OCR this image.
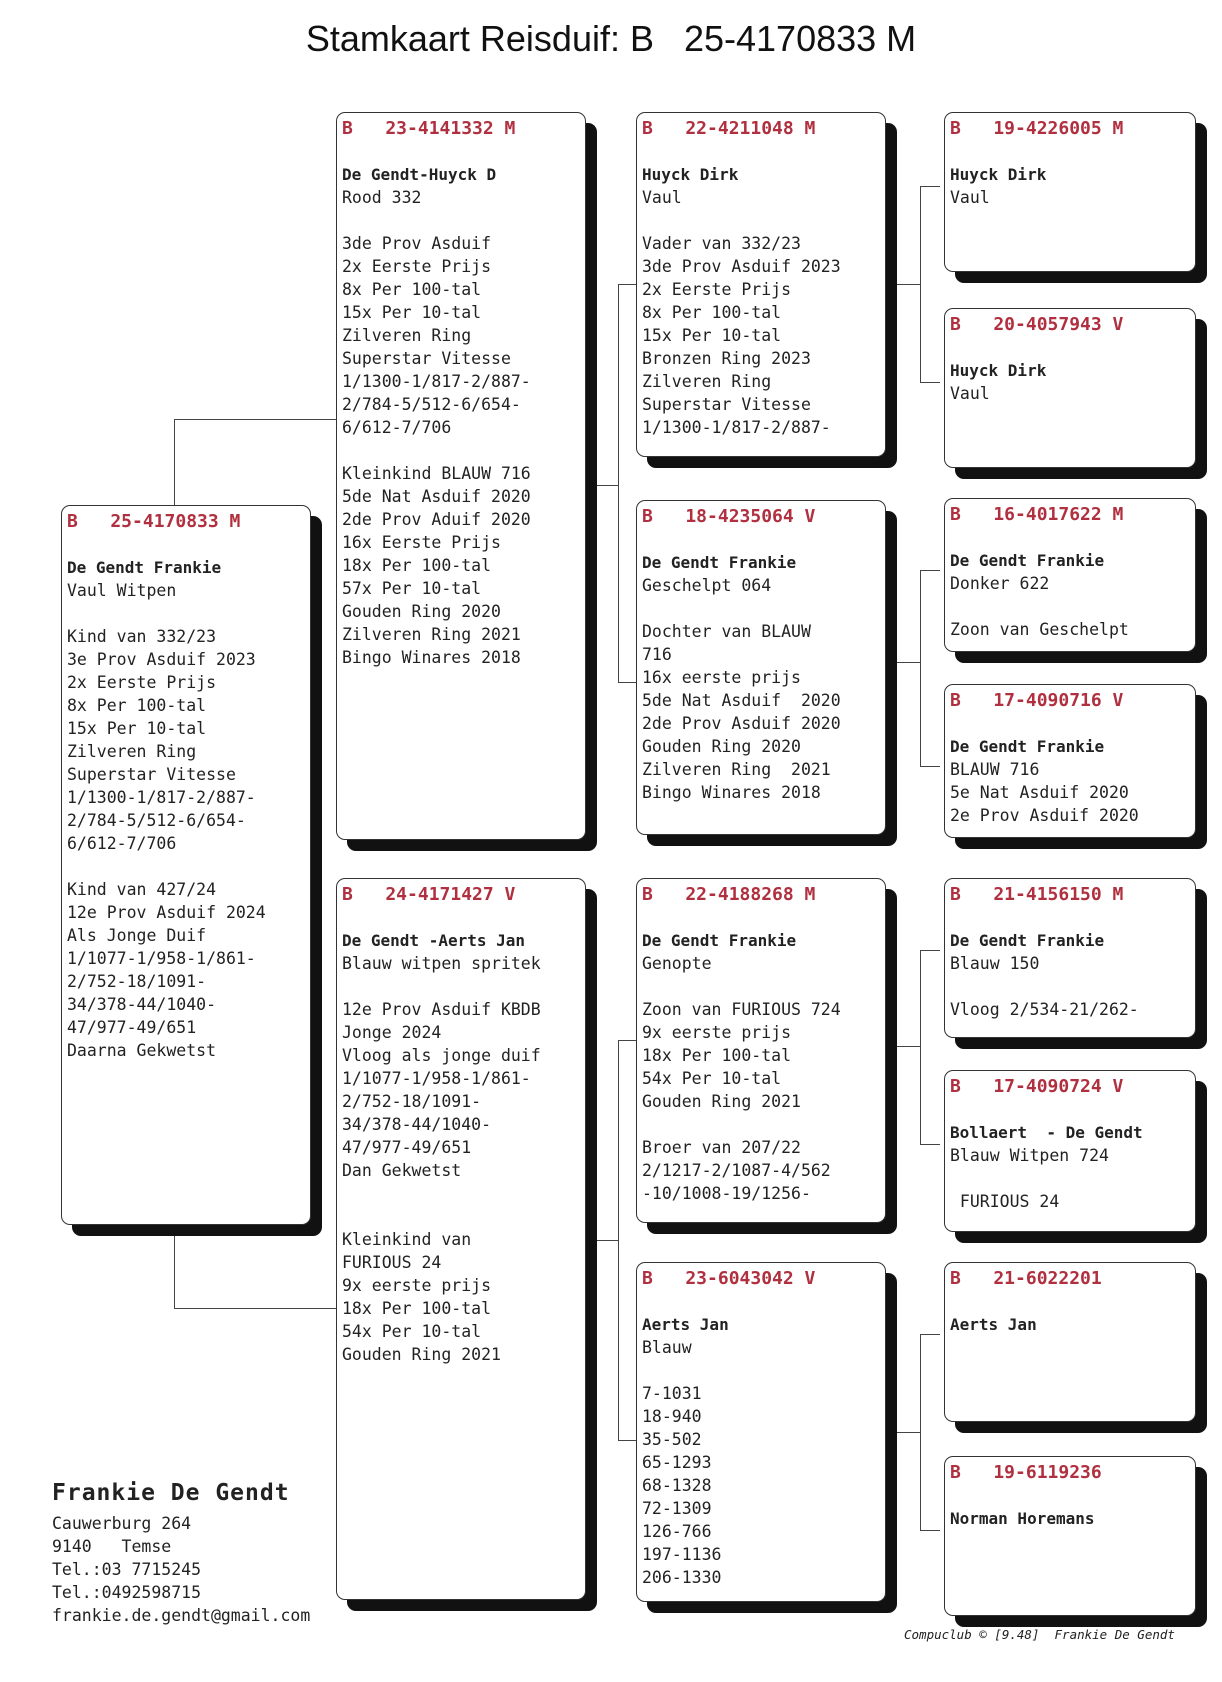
Stamkaart Reisduif: B   25-4170833 M
B   25-4170833 M
De Gendt Frankie
Vaul Witpen
Kind van 332/23
3e Prov Asduif 2023
2x Eerste Prijs
8x Per 100-tal
15x Per 10-tal
Zilveren Ring
Superstar Vitesse
1/1300-1/817-2/887-
2/784-5/512-6/654-
6/612-7/706
Kind van 427/24
12e Prov Asduif 2024
Als Jonge Duif
1/1077-1/958-1/861-
2/752-18/1091-
34/378-44/1040-
47/977-49/651
Daarna Gekwetst
B   23-4141332 M
De Gendt-Huyck D
Rood 332
3de Prov Asduif
2x Eerste Prijs
8x Per 100-tal
15x Per 10-tal
Zilveren Ring
Superstar Vitesse
1/1300-1/817-2/887-
2/784-5/512-6/654-
6/612-7/706
Kleinkind BLAUW 716
5de Nat Asduif 2020
2de Prov Aduif 2020
16x Eerste Prijs
18x Per 100-tal
57x Per 10-tal
Gouden Ring 2020
Zilveren Ring 2021
Bingo Winares 2018
B   24-4171427 V
De Gendt -Aerts Jan
Blauw witpen spritek
12e Prov Asduif KBDB
Jonge 2024
Vloog als jonge duif
1/1077-1/958-1/861-
2/752-18/1091-
34/378-44/1040-
47/977-49/651
Dan Gekwetst
Kleinkind van
FURIOUS 24
9x eerste prijs
18x Per 100-tal
54x Per 10-tal
Gouden Ring 2021
B   22-4211048 M
Huyck Dirk
Vaul
Vader van 332/23
3de Prov Asduif 2023
2x Eerste Prijs
8x Per 100-tal
15x Per 10-tal
Bronzen Ring 2023
Zilveren Ring
Superstar Vitesse
1/1300-1/817-2/887-
B   18-4235064 V
De Gendt Frankie
Geschelpt 064
Dochter van BLAUW
716
16x eerste prijs
5de Nat Asduif  2020
2de Prov Asduif 2020
Gouden Ring 2020
Zilveren Ring  2021
Bingo Winares 2018
B   22-4188268 M
De Gendt Frankie
Genopte
Zoon van FURIOUS 724
9x eerste prijs
18x Per 100-tal
54x Per 10-tal
Gouden Ring 2021
Broer van 207/22
2/1217-2/1087-4/562
-10/1008-19/1256-
B   23-6043042 V
Aerts Jan
Blauw
7-1031
18-940
35-502
65-1293
68-1328
72-1309
126-766
197-1136
206-1330
B   19-4226005 M
Huyck Dirk
Vaul
B   20-4057943 V
Huyck Dirk
Vaul
B   16-4017622 M
De Gendt Frankie
Donker 622
Zoon van Geschelpt
B   17-4090716 V
De Gendt Frankie
BLAUW 716
5e Nat Asduif 2020
2e Prov Asduif 2020
B   21-4156150 M
De Gendt Frankie
Blauw 150
Vloog 2/534-21/262-
B   17-4090724 V
Bollaert  - De Gendt
Blauw Witpen 724
FURIOUS 24
B   21-6022201
Aerts Jan
B   19-6119236
Norman Horemans
Frankie De Gendt
Cauwerburg 264
9140   Temse
Tel.:03 7715245
Tel.:0492598715
frankie.de.gendt@gmail.com
Compuclub © [9.48]  Frankie De Gendt
